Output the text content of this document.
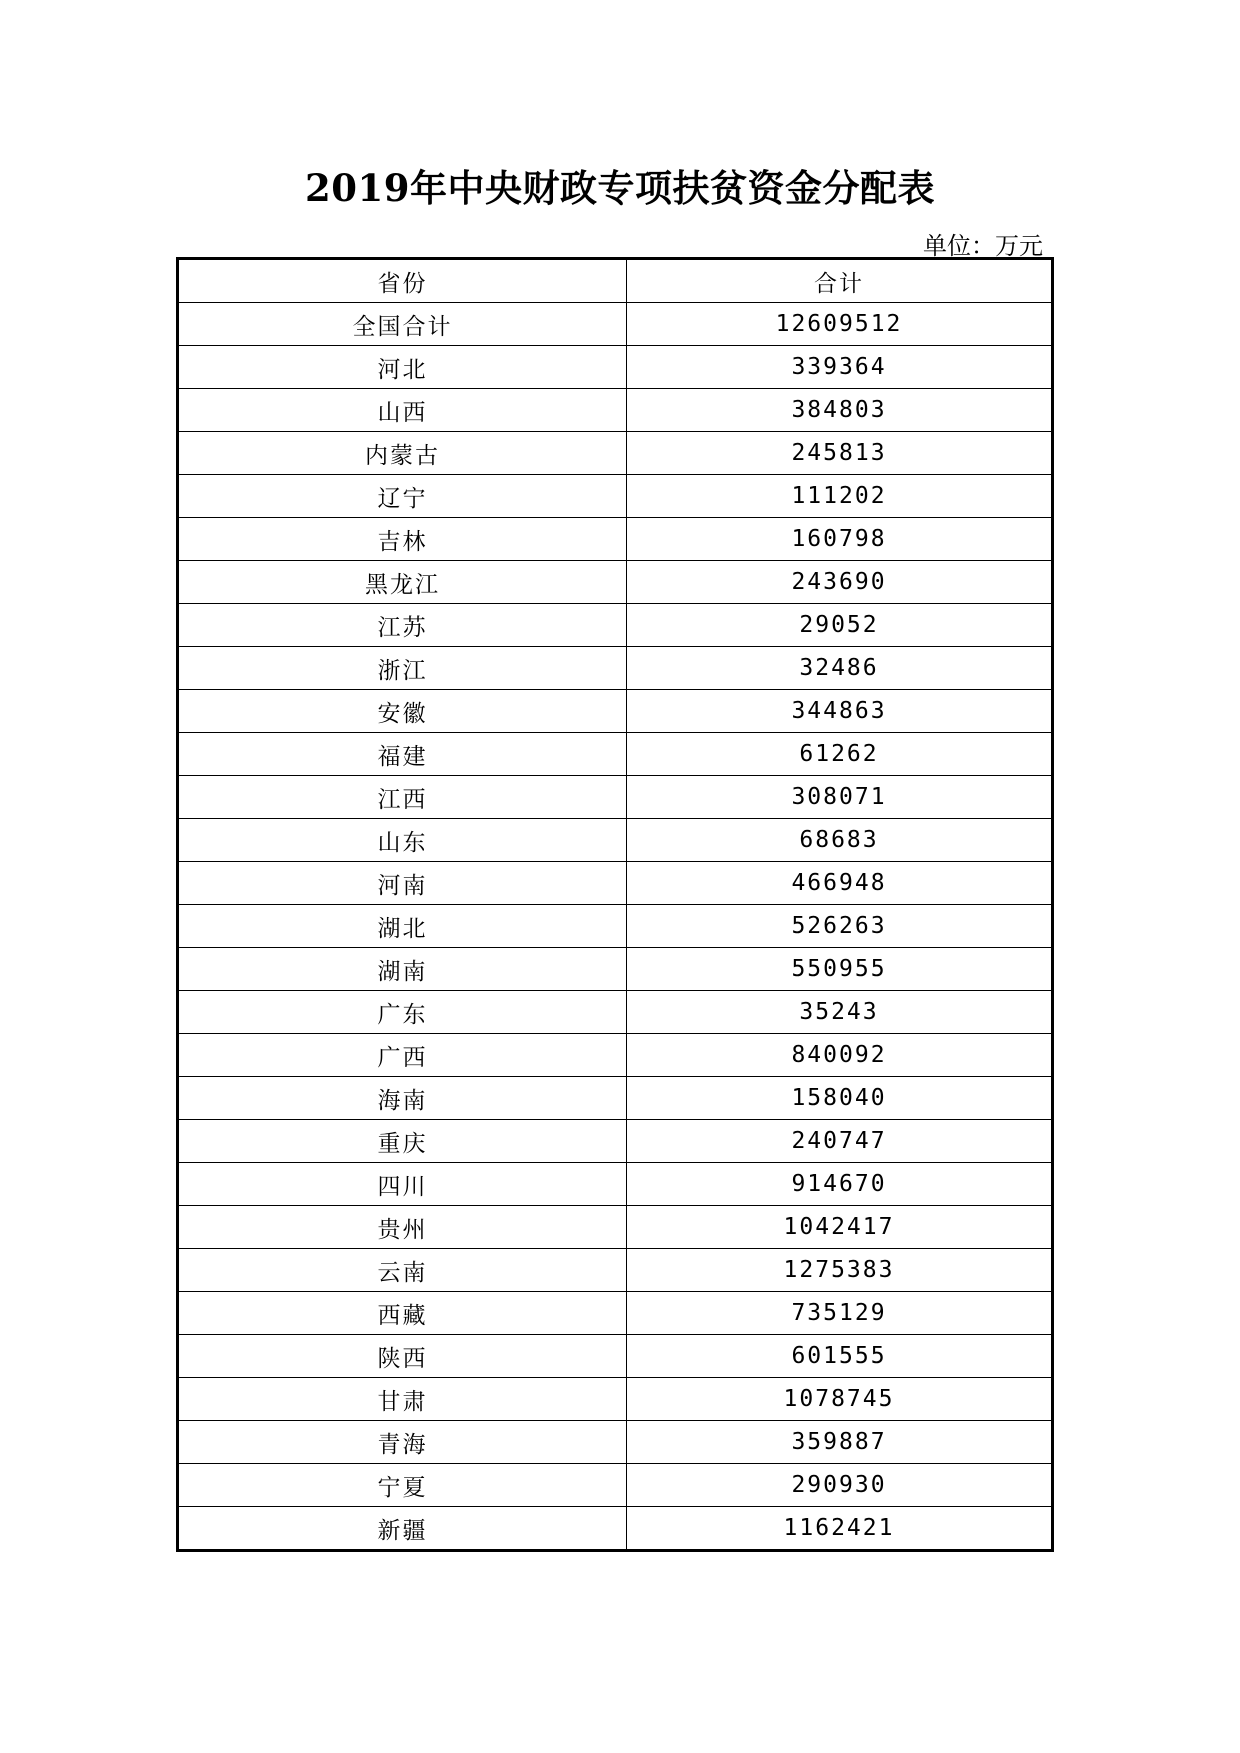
2019年中央财政专项扶贫资金分配表
单位：万元
省份	合计
全国合计	12609512
河北	339364
山西	384803
内蒙古	245813
辽宁	111202
吉林	160798
黑龙江	243690
江苏	29052
浙江	32486
安徽	344863
福建	61262
江西	308071
山东	68683
河南	466948
湖北	526263
湖南	550955
广东	35243
广西	840092
海南	158040
重庆	240747
四川	914670
贵州	1042417
云南	1275383
西藏	735129
陕西	601555
甘肃	1078745
青海	359887
宁夏	290930
新疆	1162421
